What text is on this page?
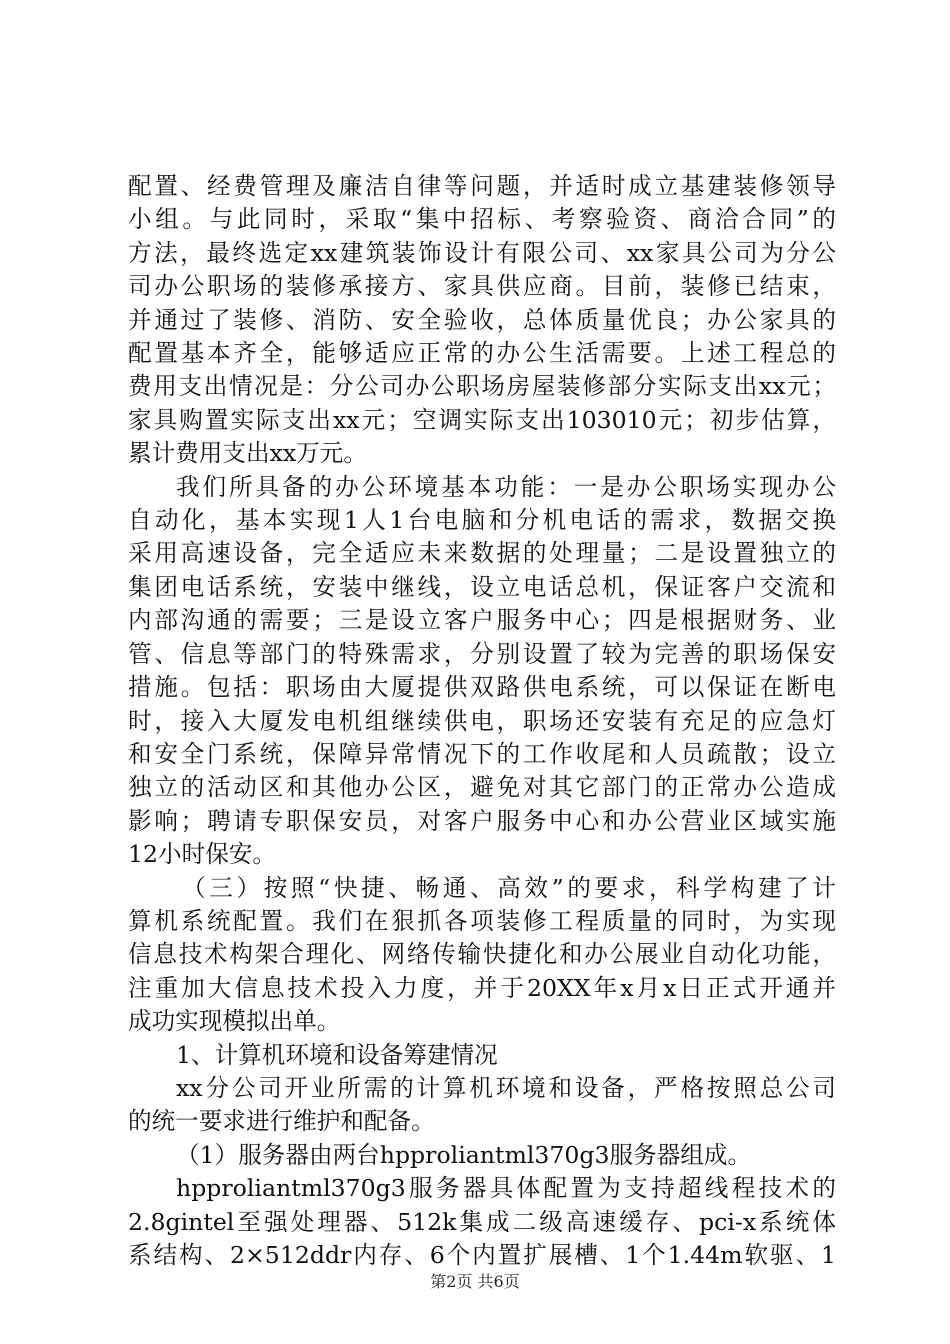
配置、经费管理及廉洁自律等问题，并适时成立基建装修领导

小组。与此同时，采取“集中招标、考察验资、商洽合同”的

方法，最终选定xx建筑装饰设计有限公司、xx家具公司为分公

司办公职场的装修承接方、家具供应商。目前，装修已结束，

并通过了装修、消防、安全验收，总体质量优良；办公家具的

配置基本齐全，能够适应正常的办公生活需要。上述工程总的

费用支出情况是：分公司办公职场房屋装修部分实际支出xx元；

家具购置实际支出xx元；空调实际支出103010元；初步估算，

累计费用支出xx万元。

我们所具备的办公环境基本功能：一是办公职场实现办公

自动化，基本实现1人1台电脑和分机电话的需求，数据交换

采用高速设备，完全适应未来数据的处理量；二是设置独立的

集团电话系统，安装中继线，设立电话总机，保证客户交流和

内部沟通的需要；三是设立客户服务中心；四是根据财务、业

管、信息等部门的特殊需求，分别设置了较为完善的职场保安

措施。包括：职场由大厦提供双路供电系统，可以保证在断电

时，接入大厦发电机组继续供电，职场还安装有充足的应急灯

和安全门系统，保障异常情况下的工作收尾和人员疏散；设立

独立的活动区和其他办公区，避免对其它部门的正常办公造成

影响；聘请专职保安员，对客户服务中心和办公营业区域实施

12小时保安。

（三）按照“快捷、畅通、高效”的要求，科学构建了计

算机系统配置。我们在狠抓各项装修工程质量的同时，为实现

信息技术构架合理化、网络传输快捷化和办公展业自动化功能，

注重加大信息技术投入力度，并于20XX年x月x日正式开通并

成功实现模拟出单。

1、计算机环境和设备筹建情况

xx分公司开业所需的计算机环境和设备，严格按照总公司

的统一要求进行维护和配备。

（1）服务器由两台hpproliantml370g3服务器组成。

hpproliantml370g3服务器具体配置为支持超线程技术的

2.8gintel至强处理器、512k集成二级高速缓存、pci-x系统体

系结构、2×512ddr内存、6个内置扩展槽、1个1.44m软驱、1

第2页 共6页
